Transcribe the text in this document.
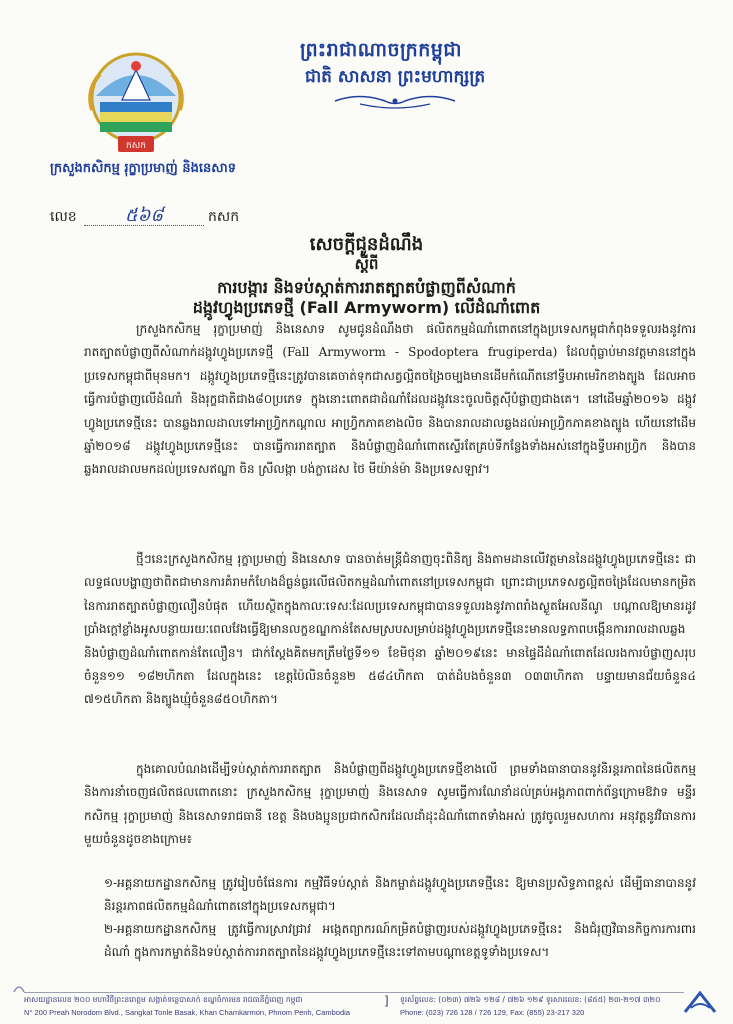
ព្រះរាជាណាចក្រកម្ពុជា
ជាតិ សាសនា ព្រះមហាក្សត្រ
កសក
ក្រសួងកសិកម្ម រុក្ខាប្រមាញ់ និងនេសាទ
លេខ	៥៦៨	កសក
សេចក្តីជូនដំណឹង
ស្តីពី
ការបង្ការ និងទប់ស្កាត់ការរាតត្បាតបំផ្លាញពីសំណាក់
ដង្កូវហ្វូងប្រភេទថ្មី (Fall Armyworm) លើដំណាំពោត
ក្រសួងកសិកម្ម រុក្ខាប្រមាញ់ និងនេសាទ សូមជូនដំណឹងថា ផលិតកម្មដំណាំពោតនៅក្នុងប្រទេសកម្ពុជាកំពុងទទួលរងនូវការរាតត្បាតបំផ្លាញពីសំណាក់ដង្កូវហ្វូងប្រភេទថ្មី (Fall Armyworm - Spodoptera frugiperda) ដែលពុំធ្លាប់មានវត្តមាននៅក្នុងប្រទេសកម្ពុជាពីមុនមក។ ដង្កូវហ្វូងប្រភេទថ្មីនេះត្រូវបានគេចាត់ទុកជាសត្វល្អិតចង្រៃចម្បងមានដើមកំណើតនៅទ្វីបអាមេរិកខាងត្បូង ដែលអាចធ្វើការបំផ្លាញលើដំណាំ និងរុក្ខជាតិជាង៨០ប្រភេទ ក្នុងនោះពោតជាដំណាំដែលដង្កូវនេះចូលចិត្តស៊ីបំផ្លាញជាងគេ។ នៅដើមឆ្នាំ២០១៦ ដង្កូវហ្វូងប្រភេទថ្មីនេះ បានឆ្លងរាលដាលទៅអាហ្វ្រិកកណ្តាល អាហ្វ្រិកភាគខាងលិច និងបានរាលដាលឆ្លងដល់អាហ្វ្រិកភាគខាងត្បូង ហើយនៅដើមឆ្នាំ២០១៨ ដង្កូវហ្វូងប្រភេទថ្មីនេះ បានធ្វើការរាតត្បាត និងបំផ្លាញដំណាំពោតស្ទើរតែគ្រប់ទីកន្លែងទាំងអស់នៅក្នុងទ្វីបអាហ្វ្រិក និងបានឆ្លងរាលដាលមកដល់ប្រទេសឥណ្ឌា ចិន ស្រីលង្កា បង់ក្លាដេស ថៃ មីយ៉ាន់ម៉ា និងប្រទេសឡាវ។
ថ្មីៗនេះក្រសួងកសិកម្ម រុក្ខាប្រមាញ់ និងនេសាទ បានចាត់មន្ត្រីជំនាញចុះពិនិត្យ និងតាមដានលើវត្តមាននៃដង្កូវហ្វូងប្រភេទថ្មីនេះ ជាលទ្ធផលបង្ហាញថាពិតជាមានការគំរាមកំហែងដ៏ធ្ងន់ធ្ងរលើផលិតកម្មដំណាំពោតនៅប្រទេសកម្ពុជា ព្រោះជាប្រភេទសត្វល្អិតចង្រៃដែលមានកម្រិតនៃការរាតត្បាតបំផ្លាញលឿនបំផុត ហើយស្ថិតក្នុងកាលៈទេសៈដែលប្រទេសកម្ពុជាបានទទួលរងនូវភាពរាំងស្ងួតអែលនីណូ បណ្តាលឱ្យមានរដូវប្រាំងក្តៅខ្លាំងអូសបន្លាយរយៈពេលវែងធ្វើឱ្យមានលក្ខខណ្ឌកាន់តែសមស្របសម្រាប់ដង្កូវហ្វូងប្រភេទថ្មីនេះមានលទ្ធភាពបង្កើនការរាលដាលឆ្លង និងបំផ្លាញដំណាំពោតកាន់តែលឿន។ ជាក់ស្តែងគិតមកត្រឹមថ្ងៃទី១១ ខែមិថុនា ឆ្នាំ២០១៩នេះ មានផ្ទៃដីដំណាំពោតដែលរងការបំផ្លាញសរុបចំនួន១១ ១៨២ហិកតា ដែលក្នុងនេះ ខេត្តប៉ៃលិនចំនួន២ ៥៨៤ហិកតា បាត់ដំបងចំនួន៣ ០៣៣ហិកតា បន្ទាយមានជ័យចំនួន៤ ៧១៥ហិកតា និងត្បូងឃ្មុំចំនួន៨៥០ហិកតា។
ក្នុងគោលបំណងដើម្បីទប់ស្កាត់ការរាតត្បាត និងបំផ្លាញពីដង្កូវហ្វូងប្រភេទថ្មីខាងលើ ព្រមទាំងធានាបាននូវនិរន្តរភាពនៃផលិតកម្ម និងការនាំចេញផលិតផលពោតនោះ ក្រសួងកសិកម្ម រុក្ខាប្រមាញ់ និងនេសាទ សូមធ្វើការណែនាំដល់គ្រប់អង្គភាពពាក់ព័ន្ធក្រោមឱវាទ មន្ទីរកសិកម្ម រុក្ខាប្រមាញ់ និងនេសាទរាជធានី ខេត្ត និងបងប្អូនប្រជាកសិករដែលដាំដុះដំណាំពោតទាំងអស់ ត្រូវចូលរួមសហការ អនុវត្តនូវវិធានការមួយចំនួនដូចខាងក្រោម៖
១-អគ្គនាយកដ្ឋានកសិកម្ម ត្រូវរៀបចំផែនការ កម្មវិធីទប់ស្កាត់ និងកម្ចាត់ដង្កូវហ្វូងប្រភេទថ្មីនេះ ឱ្យមានប្រសិទ្ធភាពខ្ពស់ ដើម្បីធានាបាននូវនិរន្តរភាពផលិតកម្មដំណាំពោតនៅក្នុងប្រទេសកម្ពុជា។
២-អគ្គនាយកដ្ឋានកសិកម្ម ត្រូវធ្វើការស្រាវជ្រាវ អង្កេតព្យាករណ៍កម្រិតបំផ្លាញរបស់ដង្កូវហ្វូងប្រភេទថ្មីនេះ និងជំរុញវិធានកិច្ចការការពារដំណាំ ក្នុងការកម្ចាត់និងទប់ស្កាត់ការរាតត្បាតនៃដង្កូវហ្វូងប្រភេទថ្មីនេះទៅតាមបណ្តាខេត្តទូទាំងប្រទេស។
អាសយដ្ឋានលេខ ២០០ មហាវិថីព្រះនរោត្តម សង្កាត់ទន្លេបាសាក់ ខណ្ឌចំការមន រាជធានីភ្នំពេញ កម្ពុជា
N° 200 Preah Norodom Blvd., Sangkat Tonle Basak, Khan Chamkarmon, Phnom Penh, Cambodia
] ទូរស័ព្ទលេខ: (០២៣) ៧២៦ ១២៨ / ៧២៦ ១២៩ ទូរសារលេខ: (៨៥៥) ២៣-២១៧ ៣២០
Phone: (023) 726 128 / 726 129, Fax: (855) 23-217 320
